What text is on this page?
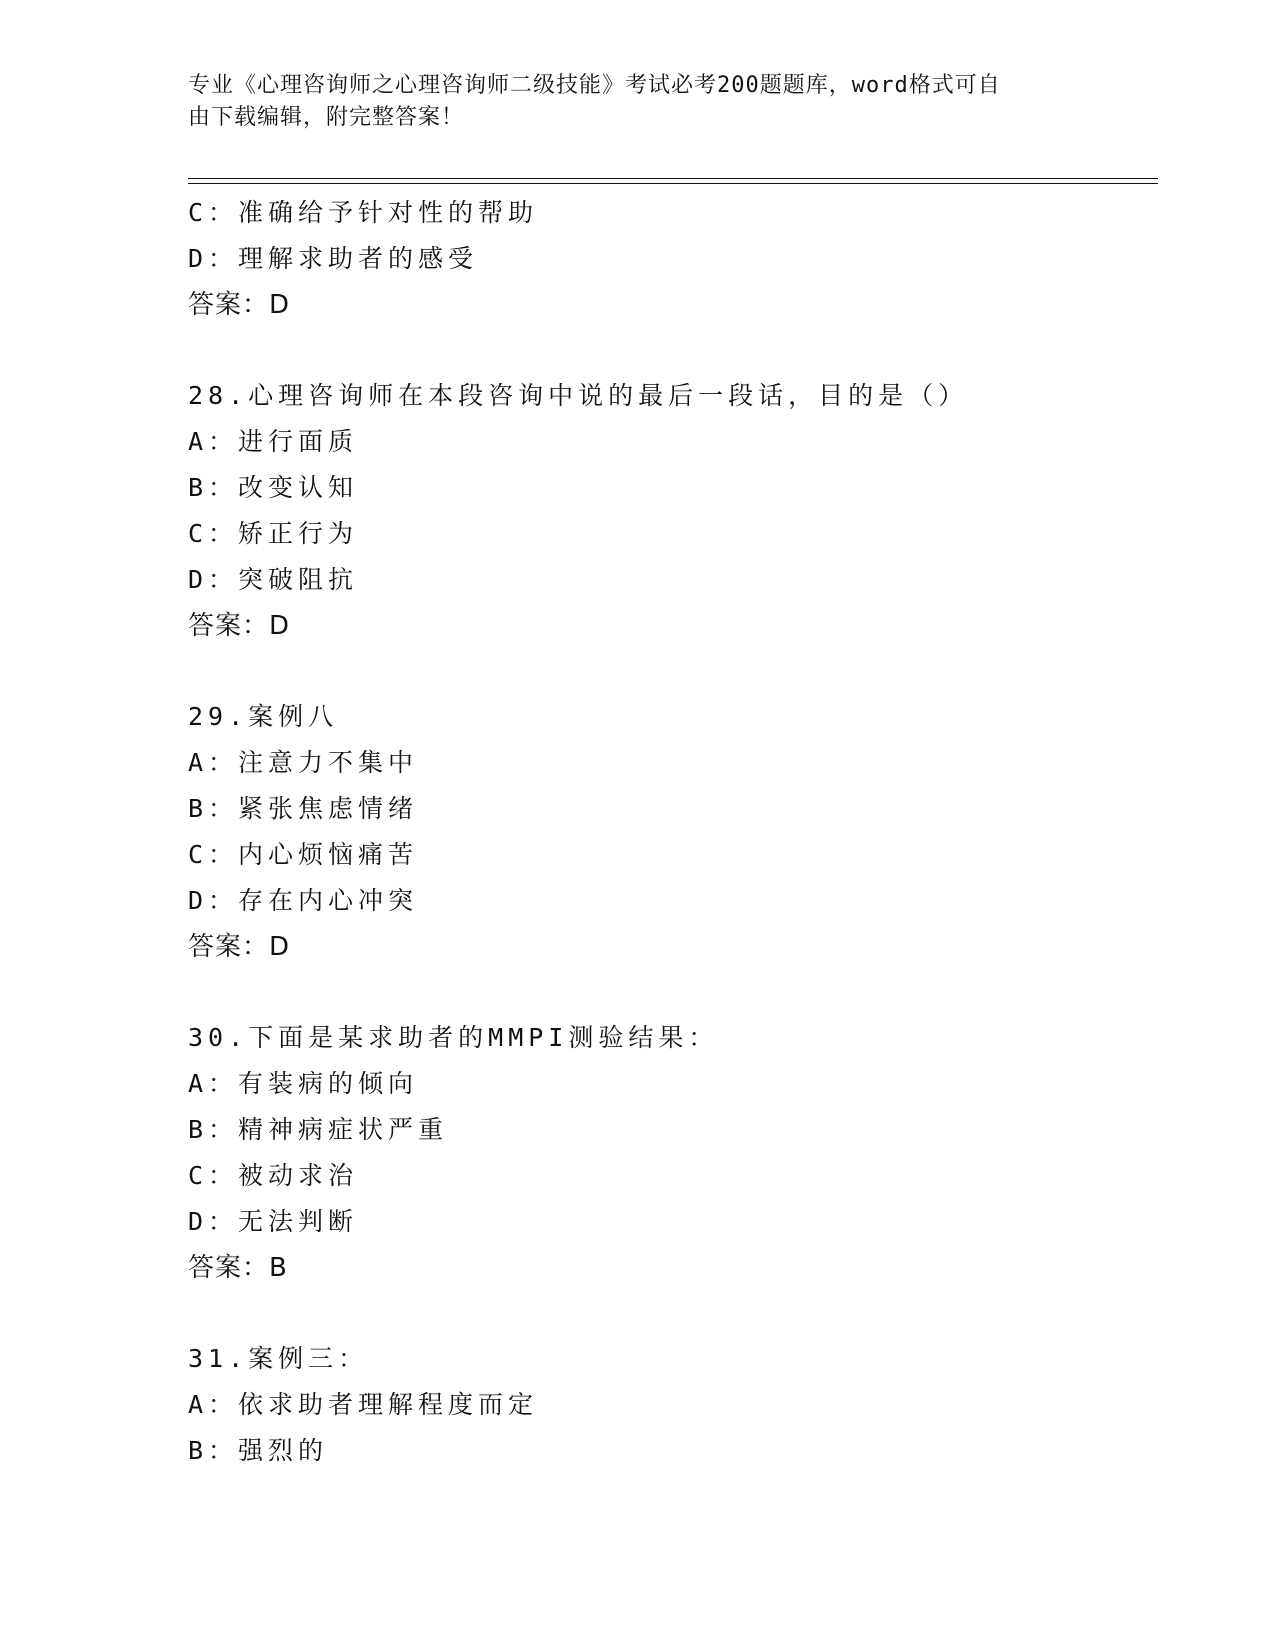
专业《心理咨询师之心理咨询师二级技能》考试必考200题题库，word格式可自
由下载编辑，附完整答案！
C：准确给予针对性的帮助
D：理解求助者的感受
答案：D
28.心理咨询师在本段咨询中说的最后一段话，目的是（）
A：进行面质
B：改变认知
C：矫正行为
D：突破阻抗
答案：D
29.案例八
A：注意力不集中
B：紧张焦虑情绪
C：内心烦恼痛苦
D：存在内心冲突
答案：D
30.下面是某求助者的MMPI测验结果：
A：有装病的倾向
B：精神病症状严重
C：被动求治
D：无法判断
答案：B
31.案例三：
A：依求助者理解程度而定
B：强烈的
